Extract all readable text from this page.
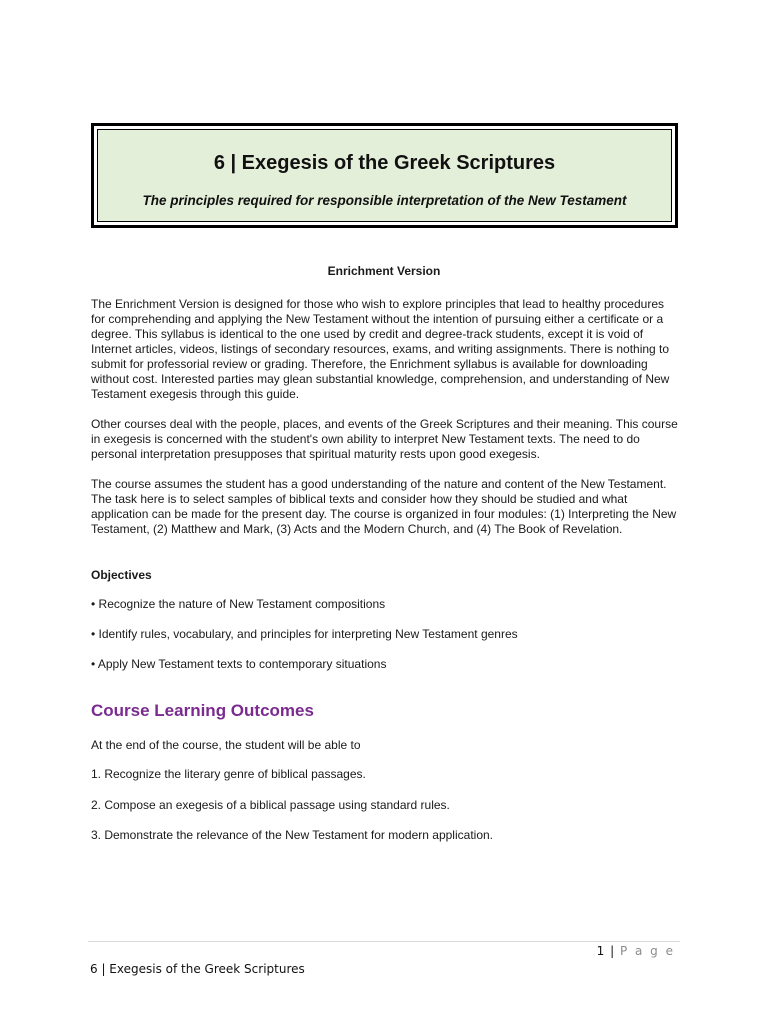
6 | Exegesis of the Greek Scriptures
The principles required for responsible interpretation of the New Testament
Enrichment Version
The Enrichment Version is designed for those who wish to explore principles that lead to healthy procedures for comprehending and applying the New Testament without the intention of pursuing either a certificate or a degree. This syllabus is identical to the one used by credit and degree-track students, except it is void of Internet articles, videos, listings of secondary resources, exams, and writing assignments. There is nothing to submit for professorial review or grading. Therefore, the Enrichment syllabus is available for downloading without cost. Interested parties may glean substantial knowledge, comprehension, and understanding of New Testament exegesis through this guide.
Other courses deal with the people, places, and events of the Greek Scriptures and their meaning. This course in exegesis is concerned with the student's own ability to interpret New Testament texts. The need to do personal interpretation presupposes that spiritual maturity rests upon good exegesis.
The course assumes the student has a good understanding of the nature and content of the New Testament. The task here is to select samples of biblical texts and consider how they should be studied and what application can be made for the present day. The course is organized in four modules: (1) Interpreting the New Testament, (2) Matthew and Mark, (3) Acts and the Modern Church, and (4) The Book of Revelation.
Objectives
• Recognize the nature of New Testament compositions
• Identify rules, vocabulary, and principles for interpreting New Testament genres
• Apply New Testament texts to contemporary situations
Course Learning Outcomes
At the end of the course, the student will be able to
1. Recognize the literary genre of biblical passages.
2. Compose an exegesis of a biblical passage using standard rules.
3. Demonstrate the relevance of the New Testament for modern application.
1 | P a g e
6 | Exegesis of the Greek Scriptures
